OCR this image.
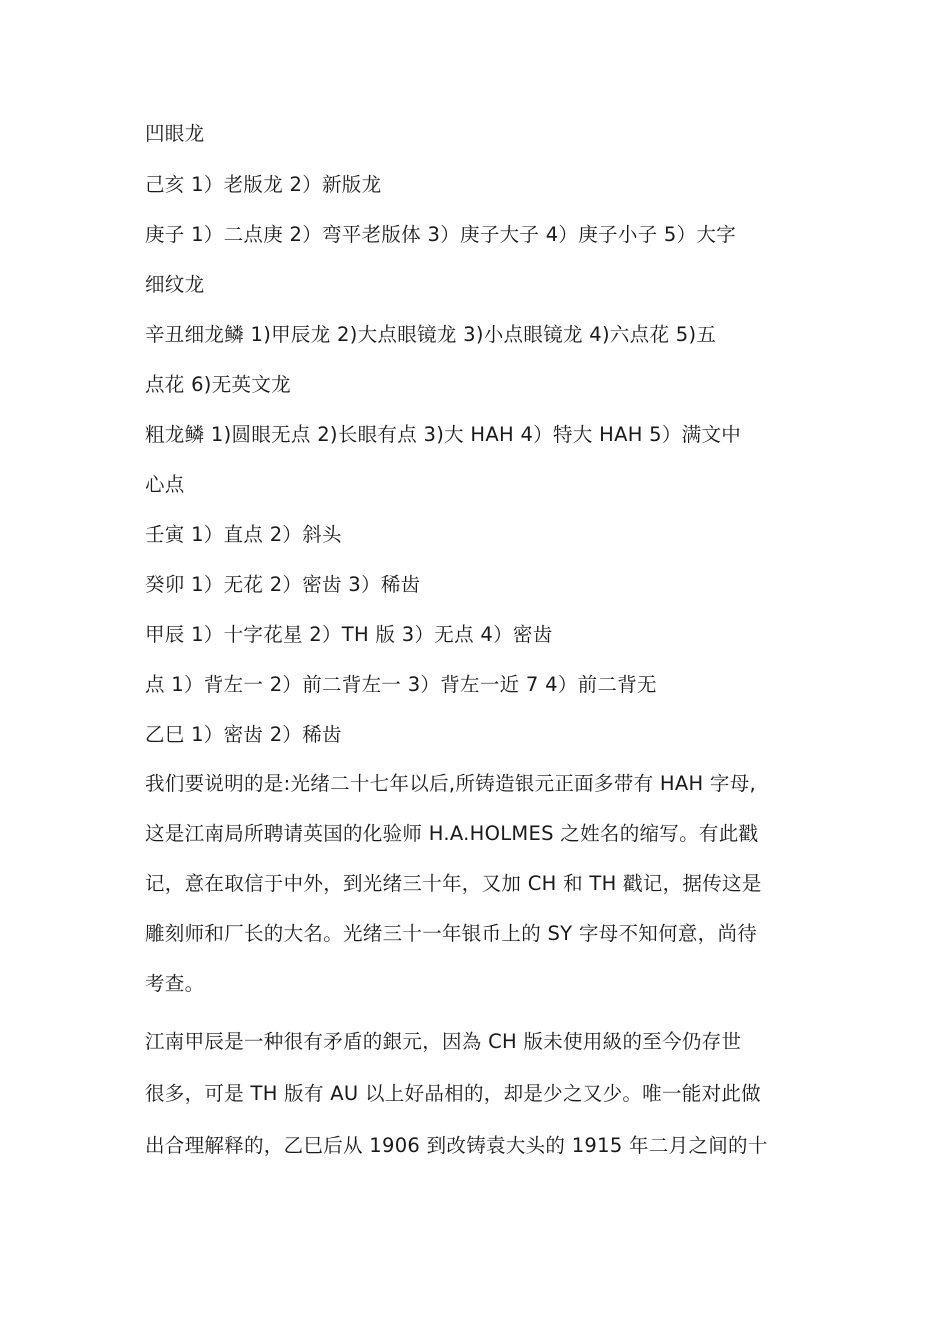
凹眼龙
己亥 1）老版龙 2）新版龙
庚子 1）二点庚 2）弯平老版体 3）庚子大子 4）庚子小子 5）大字
细纹龙
辛丑细龙鳞 1)甲辰龙 2)大点眼镜龙 3)小点眼镜龙 4)六点花 5)五
点花 6)无英文龙
粗龙鳞 1)圆眼无点 2)长眼有点 3)大 HAH 4）特大 HAH 5）满文中
心点
壬寅 1）直点 2）斜头
癸卯 1）无花 2）密齿 3）稀齿
甲辰 1）十字花星 2）TH 版 3）无点 4）密齿
点 1）背左一 2）前二背左一 3）背左一近 7 4）前二背无
乙巳 1）密齿 2）稀齿
我们要说明的是:光绪二十七年以后,所铸造银元正面多带有 HAH 字母,
这是江南局所聘请英国的化验师 H.A.HOLMES 之姓名的缩写。有此戳
记，意在取信于中外，到光绪三十年，又加 CH 和 TH 戳记，据传这是
雕刻师和厂长的大名。光绪三十一年银币上的 SY 字母不知何意，尚待
考查。
江南甲辰是一种很有矛盾的銀元，因為 CH 版未使用級的至今仍存世
很多，可是 TH 版有 AU 以上好品相的，却是少之又少。唯一能对此做
出合理解释的，乙巳后从 1906 到改铸袁大头的 1915 年二月之间的十
